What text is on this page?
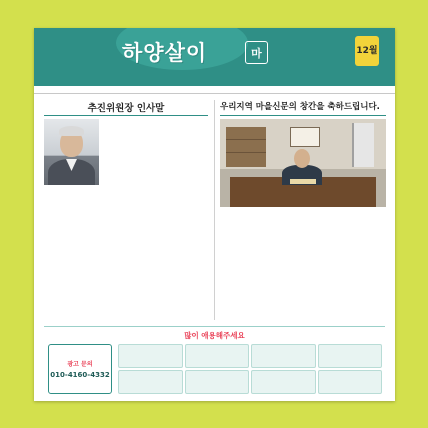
하양살이	마	12월
추진위원장 인사말	우리지역 마을신문의 창간을 축하드립니다.

많이 애용해주세요
광고 문의
010-4160-4332
